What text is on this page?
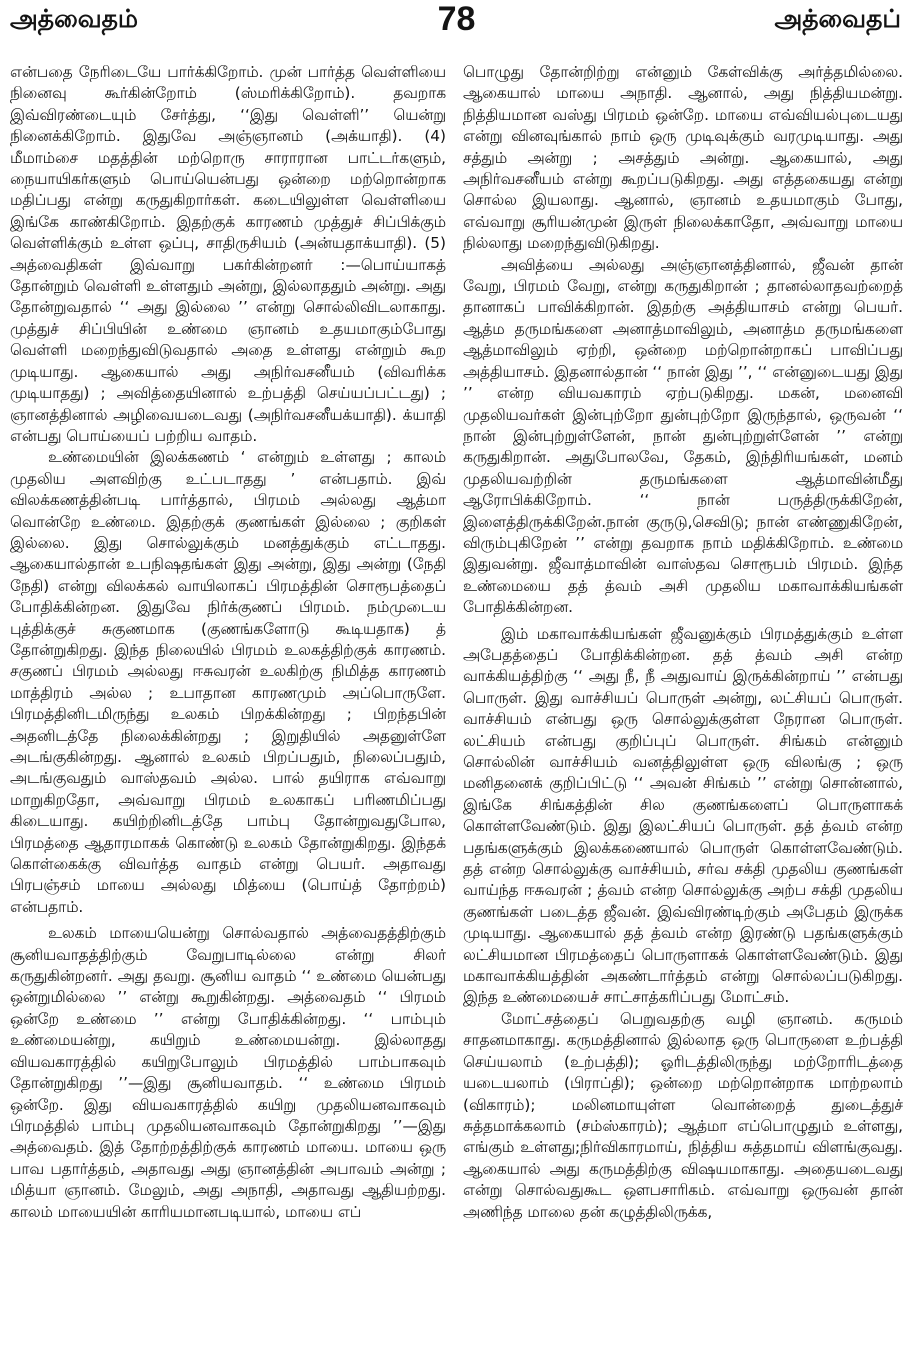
அத்வைதம்	78	அத்வைதப்

என்பதை நேரிடையே பார்க்கிறோம். முன் பார்த்த வெள்ளியை நினைவு கூர்கின்றோம் (ஸ்மரிக்கிறோம்). தவறாக இவ்விரண்டையும் சேர்த்து, ‘‘இது வெள்ளி’’ யென்று நினைக்கிறோம். இதுவே அஞ்ஞானம் (அக்யாதி). (4) மீமாம்சை மதத்தின் மற்றொரு சாராரான பாட்டர்களும், நையாயிகர்களும் பொய்யென்பது ஒன்றை மற்றொன்றாக மதிப்பது என்று கருதுகிறார்கள். கடையிலுள்ள வெள்ளியை இங்கே காண்கிறோம். இதற்குக் காரணம் முத்துச் சிப்பிக்கும் வெள்ளிக்கும் உள்ள ஒப்பு, சாதிருசியம் (அன்யதாக்யாதி). (5) அத்வைதிகள் இவ்வாறு பகர்கின்றனர் :—பொய்யாகத் தோன்றும் வெள்ளி உள்ளதும் அன்று, இல்லாததும் அன்று. அது தோன்றுவதால் ‘‘ அது இல்லை ’’ என்று சொல்லிவிடலாகாது. முத்துச் சிப்பியின் உண்மை ஞானம் உதயமாகும்போது வெள்ளி மறைந்துவிடுவதால் அதை உள்ளது என்றும் கூற முடியாது. ஆகையால் அது அநிர்வசனீயம் (விவரிக்க முடியாதது) ; அவித்தையினால் உற்பத்தி செய்யப்பட்டது) ; ஞானத்தினால் அழிவையடைவது (அநிர்வசனீயக்யாதி). க்யாதி என்பது பொய்யைப் பற்றிய வாதம்.

உண்மையின் இலக்கணம் ‘ என்றும் உள்ளது ; காலம் முதலிய அளவிற்கு உட்படாதது ’ என்பதாம். இவ் விலக்கணத்தின்படி பார்த்தால், பிரமம் அல்லது ஆத்மா வொன்றே உண்மை. இதற்குக் குணங்கள் இல்லை ; குறிகள் இல்லை. இது சொல்லுக்கும் மனத்துக்கும் எட்டாதது. ஆகையால்தான் உபநிஷதங்கள் இது அன்று, இது அன்று (நேதி நேதி) என்று விலக்கல் வாயிலாகப் பிரமத்தின் சொரூபத்தைப் போதிக்கின்றன. இதுவே நிர்க்குணப் பிரமம். நம்முடைய புத்திக்குச் சுகுணமாக (குணங்களோடு கூடியதாக) த் தோன்றுகிறது. இந்த நிலையில் பிரமம் உலகத்திற்குக் காரணம். சகுணப் பிரமம் அல்லது ஈசுவரன் உலகிற்கு நிமித்த காரணம் மாத்திரம் அல்ல ; உபாதான காரணமும் அப்பொருளே. பிரமத்தினிடமிருந்து உலகம் பிறக்கின்றது ; பிறந்தபின் அதனிடத்தே நிலைக்கின்றது ; இறுதியில் அதனுள்ளே அடங்குகின்றது. ஆனால் உலகம் பிறப்பதும், நிலைப்பதும், அடங்குவதும் வாஸ்தவம் அல்ல. பால் தயிராக எவ்வாறு மாறுகிறதோ, அவ்வாறு பிரமம் உலகாகப் பரிணமிப்பது கிடையாது. கயிற்றினிடத்தே பாம்பு தோன்றுவதுபோல, பிரமத்தை ஆதாரமாகக் கொண்டு உலகம் தோன்றுகிறது. இந்தக் கொள்கைக்கு விவர்த்த வாதம் என்று பெயர். அதாவது பிரபஞ்சம் மாயை அல்லது மித்யை (பொய்த் தோற்றம்) என்பதாம்.

உலகம் மாயையென்று சொல்வதால் அத்வைதத்திற்கும் சூனியவாதத்திற்கும் வேறுபாடில்லை என்று சிலர் கருதுகின்றனர். அது தவறு. சூனிய வாதம் ‘‘ உண்மை யென்பது ஒன்றுமில்லை ’’ என்று கூறுகின்றது. அத்வைதம் ‘‘ பிரமம் ஒன்றே உண்மை ’’ என்று போதிக்கின்றது. ‘‘ பாம்பும் உண்மையன்று, கயிறும் உண்மையன்று. இல்லாதது வியவகாரத்தில் கயிறுபோலும் பிரமத்தில் பாம்பாகவும் தோன்றுகிறது ’’—இது சூனியவாதம். ‘‘ உண்மை பிரமம் ஒன்றே. இது வியவகாரத்தில் கயிறு முதலியனவாகவும் பிரமத்தில் பாம்பு முதலியனவாகவும் தோன்றுகிறது ’’—இது அத்வைதம். இத் தோற்றத்திற்குக் காரணம் மாயை. மாயை ஒரு பாவ பதார்த்தம், அதாவது அது ஞானத்தின் அபாவம் அன்று ; மித்யா ஞானம். மேலும், அது அநாதி, அதாவது ஆதியற்றது. காலம் மாயையின் காரியமானபடியால், மாயை எப்

பொழுது தோன்றிற்று என்னும் கேள்விக்கு அர்த்தமில்லை. ஆகையால் மாயை அநாதி. ஆனால், அது நித்தியமன்று. நித்தியமான வஸ்து பிரமம் ஒன்றே. மாயை எவ்வியல்புடையது என்று வினவுங்கால் நாம் ஒரு முடிவுக்கும் வரமுடியாது. அது சத்தும் அன்று ; அசத்தும் அன்று. ஆகையால், அது அநிர்வசனீயம் என்று கூறப்படுகிறது. அது எத்தகையது என்று சொல்ல இயலாது. ஆனால், ஞானம் உதயமாகும் போது, எவ்வாறு சூரியன்முன் இருள் நிலைக்காதோ, அவ்வாறு மாயை நில்லாது மறைந்துவிடுகிறது.

அவித்யை அல்லது அஞ்ஞானத்தினால், ஜீவன் தான் வேறு, பிரமம் வேறு, என்று கருதுகிறான் ; தானல்லாதவற்றைத் தானாகப் பாவிக்கிறான். இதற்கு அத்தியாசம் என்று பெயர். ஆத்ம தருமங்களை அனாத்மாவிலும், அனாத்ம தருமங்களை ஆத்மாவிலும் ஏற்றி, ஒன்றை மற்றொன்றாகப் பாவிப்பது அத்தியாசம். இதனால்தான் ‘‘ நான் இது ’’, ‘‘ என்னுடையது இது ’’ என்ற வியவகாரம் ஏற்படுகிறது. மகன், மனைவி முதலியவர்கள் இன்புற்றோ துன்புற்றோ இருந்தால், ஒருவன் ‘‘ நான் இன்புற்றுள்ளேன், நான் துன்புற்றுள்ளேன் ’’ என்று கருதுகிறான். அதுபோலவே, தேகம், இந்திரியங்கள், மனம் முதலியவற்றின் தருமங்களை ஆத்மாவின்மீது ஆரோபிக்கிறோம். ‘‘ நான் பருத்திருக்கிறேன், இளைத்திருக்கிறேன்.நான் குருடு,செவிடு; நான் எண்ணுகிறேன், விரும்புகிறேன் ’’ என்று தவறாக நாம் மதிக்கிறோம். உண்மை இதுவன்று. ஜீவாத்மாவின் வாஸ்தவ சொரூபம் பிரமம். இந்த உண்மையை தத் த்வம் அசி முதலிய மகாவாக்கியங்கள் போதிக்கின்றன.

இம் மகாவாக்கியங்கள் ஜீவனுக்கும் பிரமத்துக்கும் உள்ள அபேதத்தைப் போதிக்கின்றன. தத் த்வம் அசி என்ற வாக்கியத்திற்கு ‘‘ அது நீ, நீ அதுவாய் இருக்கின்றாய் ’’ என்பது பொருள். இது வாச்சியப் பொருள் அன்று, லட்சியப் பொருள். வாச்சியம் என்பது ஒரு சொல்லுக்குள்ள நேரான பொருள். லட்சியம் என்பது குறிப்புப் பொருள். சிங்கம் என்னும் சொல்லின் வாச்சியம் வனத்திலுள்ள ஒரு விலங்கு ; ஒரு மனிதனைக் குறிப்பிட்டு ‘‘ அவன் சிங்கம் ’’ என்று சொன்னால், இங்கே சிங்கத்தின் சில குணங்களைப் பொருளாகக் கொள்ளவேண்டும். இது இலட்சியப் பொருள். தத் த்வம் என்ற பதங்களுக்கும் இலக்கணையால் பொருள் கொள்ளவேண்டும். தத் என்ற சொல்லுக்கு வாச்சியம், சர்வ சக்தி முதலிய குணங்கள் வாய்ந்த ஈசுவரன் ; த்வம் என்ற சொல்லுக்கு அற்ப சக்தி முதலிய குணங்கள் படைத்த ஜீவன். இவ்விரண்டிற்கும் அபேதம் இருக்க முடியாது. ஆகையால் தத் த்வம் என்ற இரண்டு பதங்களுக்கும் லட்சியமான பிரமத்தைப் பொருளாகக் கொள்ளவேண்டும். இது மகாவாக்கியத்தின் அகண்டார்த்தம் என்று சொல்லப்படுகிறது. இந்த உண்மையைச் சாட்சாத்கரிப்பது மோட்சம்.

மோட்சத்தைப் பெறுவதற்கு வழி ஞானம். கருமம் சாதனமாகாது. கருமத்தினால் இல்லாத ஒரு பொருளை உற்பத்தி செய்யலாம் (உற்பத்தி); ஓரிடத்திலிருந்து மற்றோரிடத்தை யடையலாம் (பிராப்தி); ஒன்றை மற்றொன்றாக மாற்றலாம் (விகாரம்); மலினமாயுள்ள வொன்றைத் துடைத்துச் சுத்தமாக்கலாம் (சம்ஸ்காரம்); ஆத்மா எப்பொழுதும் உள்ளது, எங்கும் உள்ளது;நிர்விகாரமாய், நித்திய சுத்தமாய் விளங்குவது. ஆகையால் அது கருமத்திற்கு விஷயமாகாது. அதையடைவது என்று சொல்வதுகூட ஔபசாரிகம். எவ்வாறு ஒருவன் தான் அணிந்த மாலை தன் கழுத்திலிருக்க,
